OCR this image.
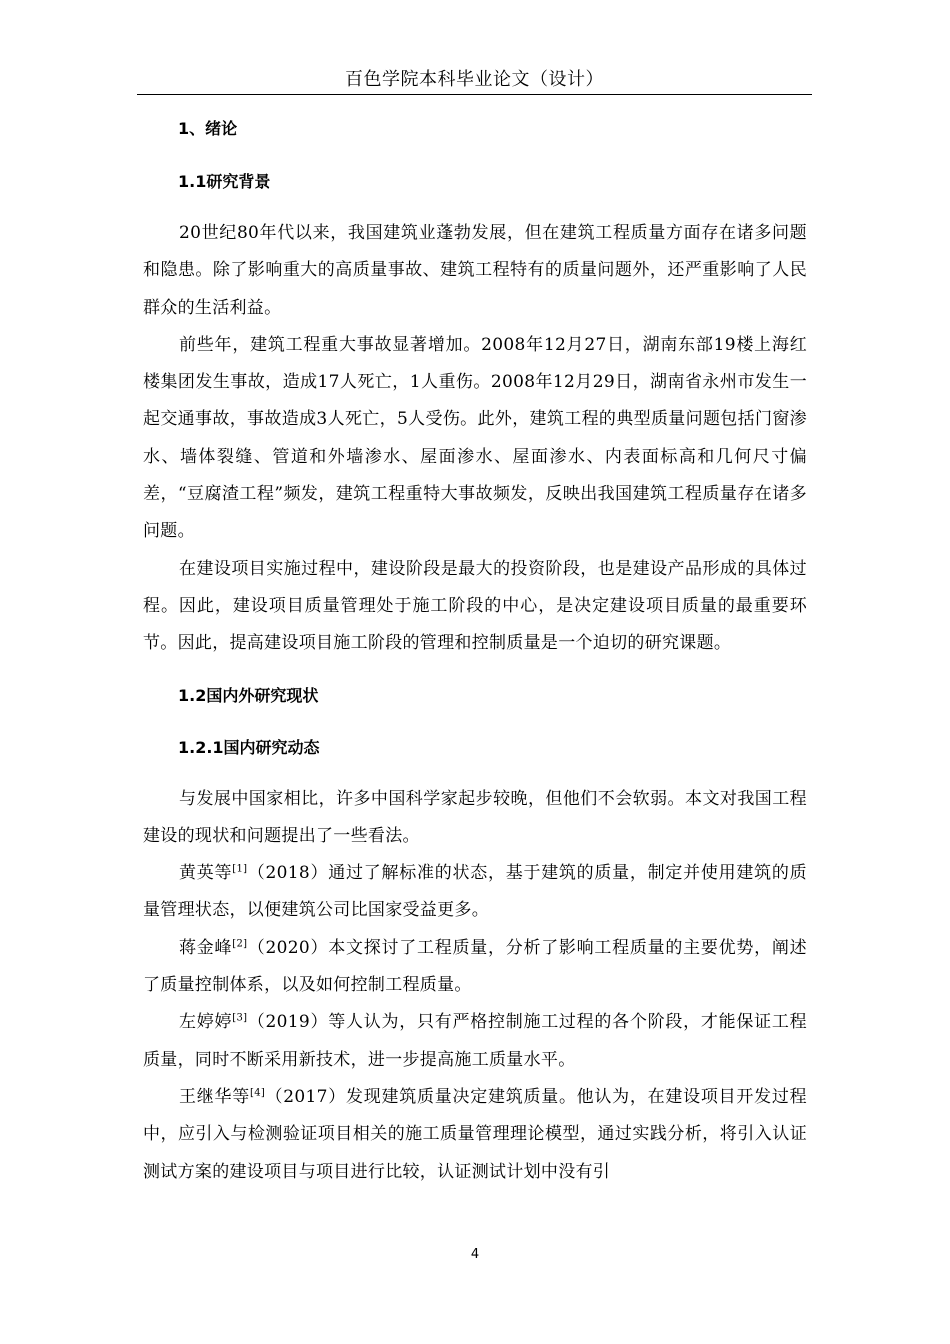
百色学院本科毕业论文（设计）
1、绪论
1.1研究背景

20世纪80年代以来，我国建筑业蓬勃发展，但在建筑工程质量方面存在诸多问题和隐患。除了影响重大的高质量事故、建筑工程特有的质量问题外，还严重影响了人民群众的生活利益。

前些年，建筑工程重大事故显著增加。2008年12月27日，湖南东部19楼上海红楼集团发生事故，造成17人死亡，1人重伤。2008年12月29日，湖南省永州市发生一起交通事故，事故造成3人死亡，5人受伤。此外，建筑工程的典型质量问题包括门窗渗水、墙体裂缝、管道和外墙渗水、屋面渗水、屋面渗水、内表面标高和几何尺寸偏差，“豆腐渣工程”频发，建筑工程重特大事故频发，反映出我国建筑工程质量存在诸多问题。

在建设项目实施过程中，建设阶段是最大的投资阶段，也是建设产品形成的具体过程。因此，建设项目质量管理处于施工阶段的中心，是决定建设项目质量的最重要环节。因此，提高建设项目施工阶段的管理和控制质量是一个迫切的研究课题。

1.2国内外研究现状
1.2.1国内研究动态

与发展中国家相比，许多中国科学家起步较晚，但他们不会软弱。本文对我国工程建设的现状和问题提出了一些看法。

黄英等[1]（2018）通过了解标准的状态，基于建筑的质量，制定并使用建筑的质量管理状态，以便建筑公司比国家受益更多。

蒋金峰[2]（2020）本文探讨了工程质量，分析了影响工程质量的主要优势，阐述了质量控制体系，以及如何控制工程质量。

左婷婷[3]（2019）等人认为，只有严格控制施工过程的各个阶段，才能保证工程质量，同时不断采用新技术，进一步提高施工质量水平。

王继华等[4]（2017）发现建筑质量决定建筑质量。他认为，在建设项目开发过程中，应引入与检测验证项目相关的施工质量管理理论模型，通过实践分析，将引入认证测试方案的建设项目与项目进行比较，认证测试计划中没有引

4
